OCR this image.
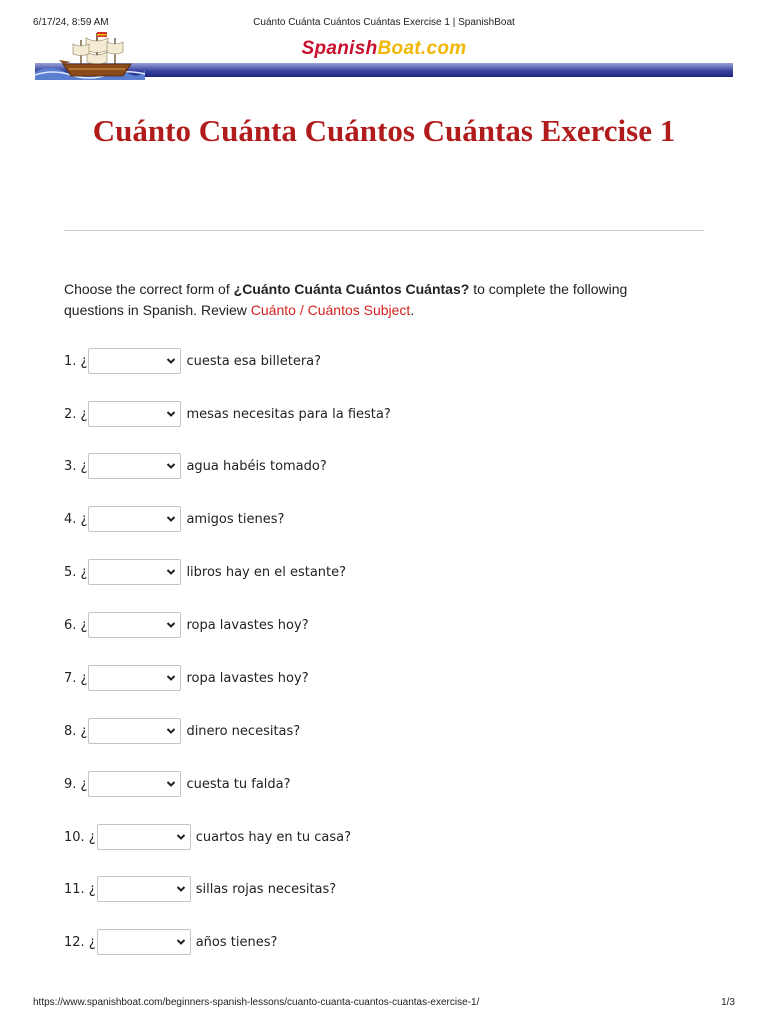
6/17/24, 8:59 AM	Cuánto Cuánta Cuántos Cuántas Exercise 1 | SpanishBoat
SpanishBoat.com
Cuánto Cuánta Cuántos Cuántas Exercise 1

Choose the correct form of ¿Cuánto Cuánta Cuántos Cuántas? to complete the following questions in Spanish. Review Cuánto / Cuántos Subject.

1. ¿	cuesta esa billetera?
2. ¿	mesas necesitas para la fiesta?
3. ¿	agua habéis tomado?
4. ¿	amigos tienes?
5. ¿	libros hay en el estante?
6. ¿	ropa lavastes hoy?
7. ¿	ropa lavastes hoy?
8. ¿	dinero necesitas?
9. ¿	cuesta tu falda?
10. ¿	cuartos hay en tu casa?
11. ¿	sillas rojas necesitas?
12. ¿	años tienes?
https://www.spanishboat.com/beginners-spanish-lessons/cuanto-cuanta-cuantos-cuantas-exercise-1/	1/3
